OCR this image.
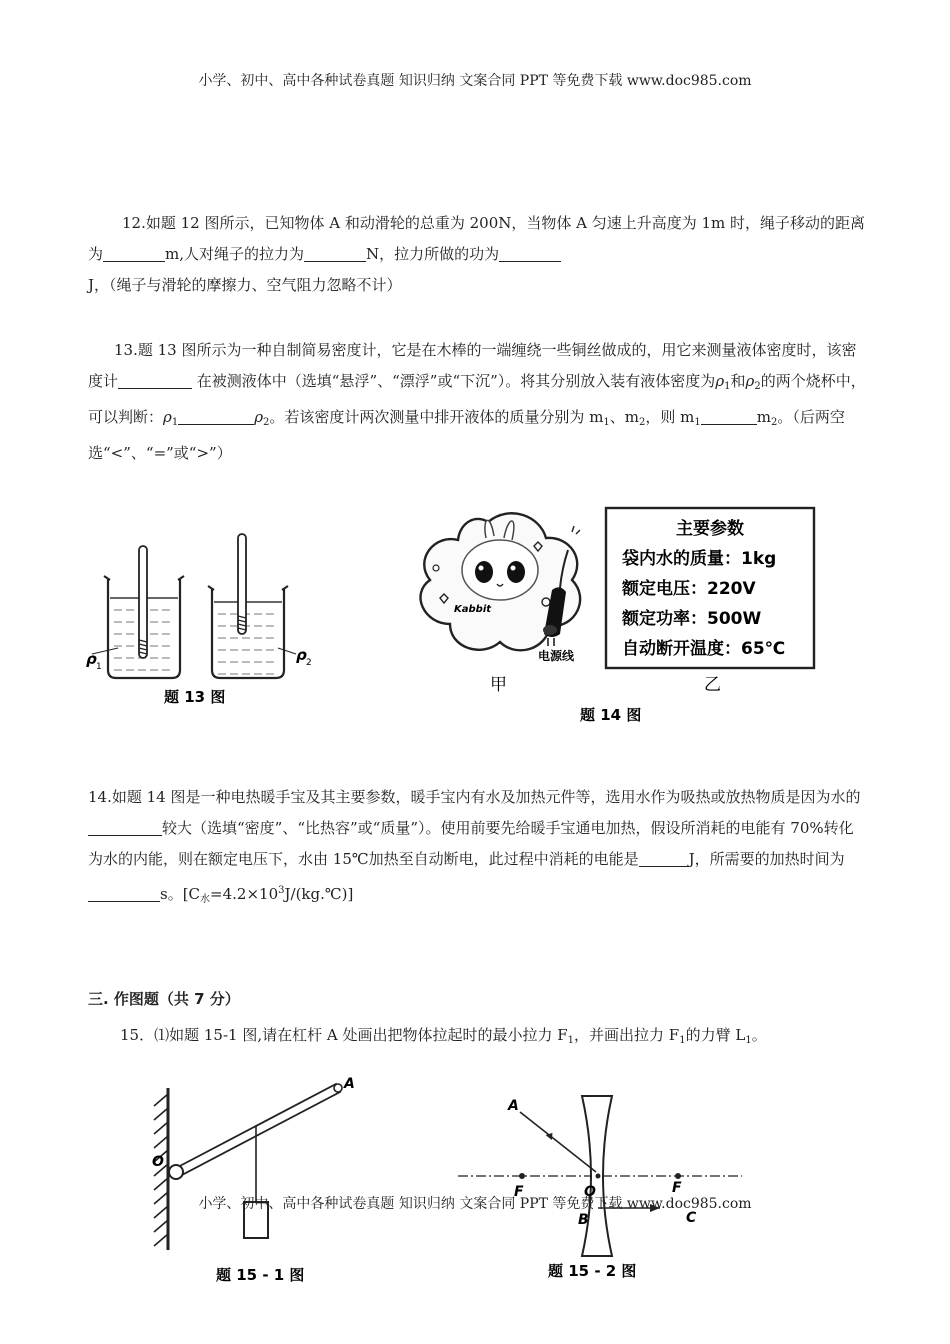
小学、初中、高中各种试卷真题 知识归纳 文案合同 PPT 等免费下载 www.doc985.com
12.如题 12 图所示，已知物体 A 和动滑轮的总重为 200N，当物体 A 匀速上升高度为 1m 时，绳子移动的距离为	m,人对绳子的拉力为	N，拉力所做的功为J，（绳子与滑轮的摩擦力、空气阻力忽略不计）
13.题 13 图所示为一种自制简易密度计，它是在木棒的一端缠绕一些铜丝做成的，用它来测量液体密度时，该密度计	在被测液体中（选填“悬浮”、“漂浮”或“下沉”）。将其分别放入装有液体密度为$\rho_1$和$\rho_2$的两个烧杯中，可以判断：$\rho_1$	$\rho_2$。若该密度计两次测量中排开液体的质量分别为 $m_1$、$m_2$，则 $m_1$	$m_2$。（后两空选“<”、“=”或“>”）
ρ 1
ρ 2
题 13 图
Kabbit
电源线
甲
主要参数
袋内水的质量：1kg
额定电压：220V
额定功率：500W
自动断开温度：65℃
乙
题 14 图
14.如题 14 图是一种电热暖手宝及其主要参数，暖手宝内有水及加热元件等，选用水作为吸热或放热物质是因为水的较大（选填“密度”、“比热容”或“质量”）。使用前要先给暖手宝通电加热，假设所消耗的电能有 70%转化为水的内能，则在额定电压下，水由 15℃加热至自动断电，此过程中消耗的电能是	J，所需要的加热时间为s。$[C_水=4.2\times 10^3J/(kg.℃)]$
三. 作图题（共 7 分）
15．⑴如题 15-1 图,请在杠杆 A 处画出把物体拉起时的最小拉力 $F_1$，并画出拉力 $F_1$的力臂 $L_1$。
A
O
题 15 - 1 图
A
F	O	F
B	C
题 15 - 2 图
小学、初中、高中各种试卷真题 知识归纳 文案合同 PPT 等免费下载 www.doc985.com
